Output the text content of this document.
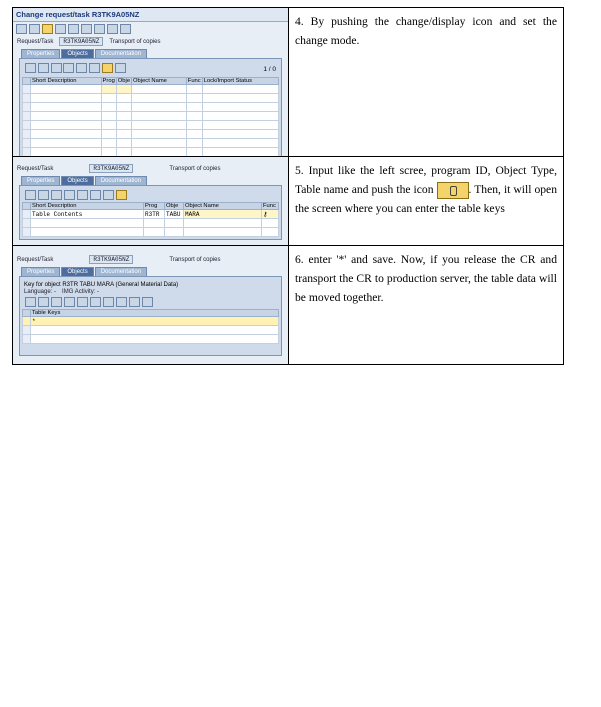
Change request/task R3TK9A05NZ
Request/Task	R3TK9A05NZ	Transport of copies
Properties	Objects	Documentation

1 / 0
	Short Description	Prog	Obje	Object Name	Func	Lock/Import Status

	4. By pushing the change/display icon and set the change mode.

Request/Task	R3TK9A05NZ	Transport of copies
Properties	Objects	Documentation
	Short Description	Prog	Obje	Object Name	Func
	Table Contents	R3TR	TABU	MARA	⚷

	5. Input like the left scree, program ID, Object Type, Table name and push the icon	. Then, it will open the screen where you can enter the table keys

Request/Task	R3TK9A05NZ	Transport of copies
Properties	Objects	Documentation
Key for object R3TR TABU MARA (General Material Data)
Language: - IMG Activity: -
	Table Keys
	*

	6. enter '*' and save. Now, if you release the CR and transport the CR to production server, the table data will be moved together.
